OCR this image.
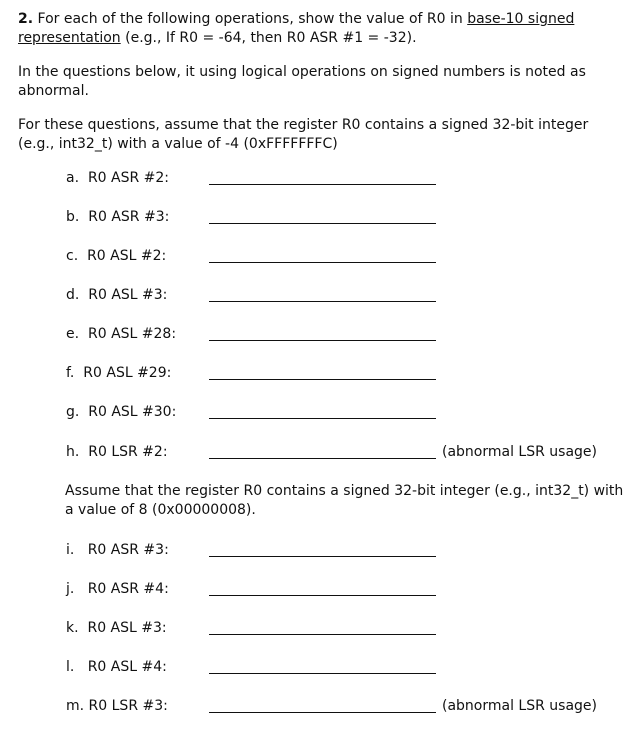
2. For each of the following operations, show the value of R0 in base-10 signed representation (e.g., If R0 = -64, then R0 ASR #1 = -32).

In the questions below, it using logical operations on signed numbers is noted as abnormal.

For these questions, assume that the register R0 contains a signed 32-bit integer (e.g., int32_t) with a value of -4 (0xFFFFFFFC)

a. R0 ASR #2:
b. R0 ASR #3:
c. R0 ASL #2:
d. R0 ASL #3:
e. R0 ASL #28:
f. R0 ASL #29:
g. R0 ASL #30:
h. R0 LSR #2:	(abnormal LSR usage)

Assume that the register R0 contains a signed 32-bit integer (e.g., int32_t) with a value of 8 (0x00000008).

i. R0 ASR #3:
j. R0 ASR #4:
k. R0 ASL #3:
l. R0 ASL #4:
m. R0 LSR #3:	(abnormal LSR usage)
